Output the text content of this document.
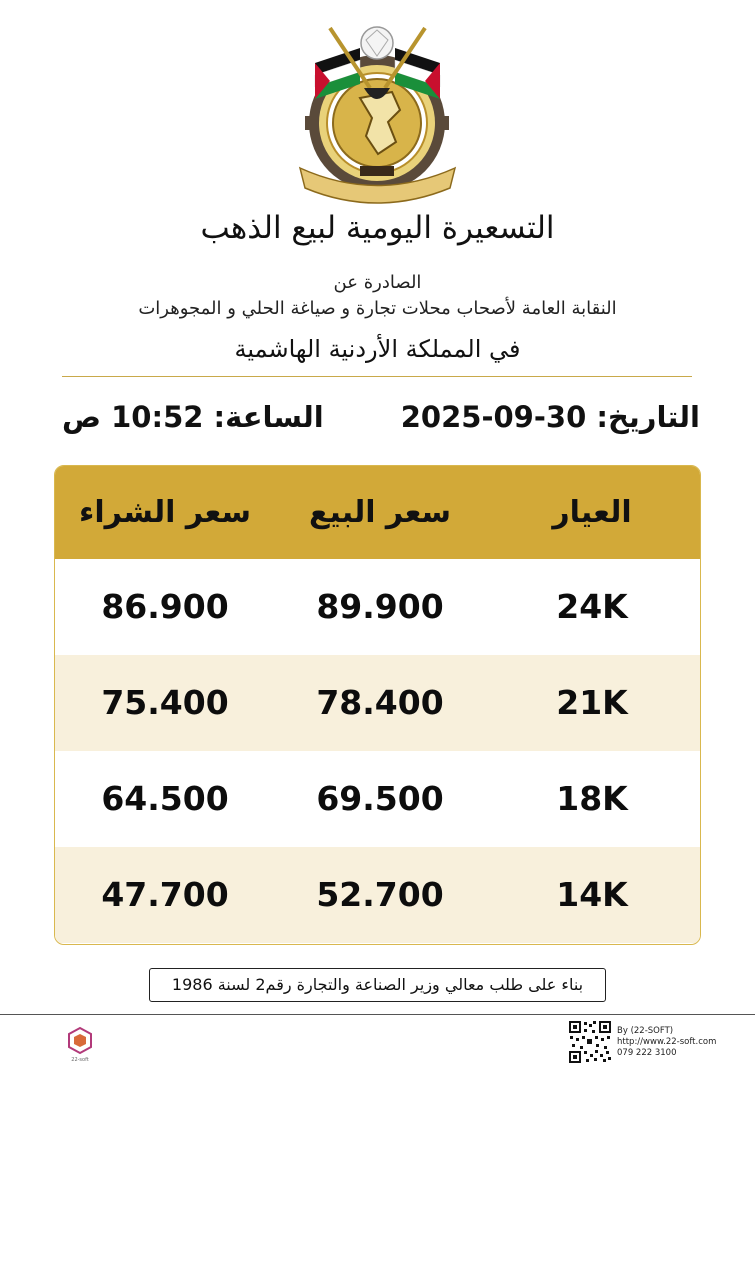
التسعيرة اليومية لبيع الذهب
الصادرة عن
النقابة العامة لأصحاب محلات تجارة و صياغة الحلي و المجوهرات
في المملكة الأردنية الهاشمية
التاريخ: 30-09-2025
الساعة: 10:52 ص
العيار
سعر البيع
سعر الشراء
24K
89.900
86.900
21K
78.400
75.400
18K
69.500
64.500
14K
52.700
47.700
بناء على طلب معالي وزير الصناعة والتجارة رقم2 لسنة 1986
22-soft
By (22-SOFT)
http://www.22-soft.com
079 222 3100
